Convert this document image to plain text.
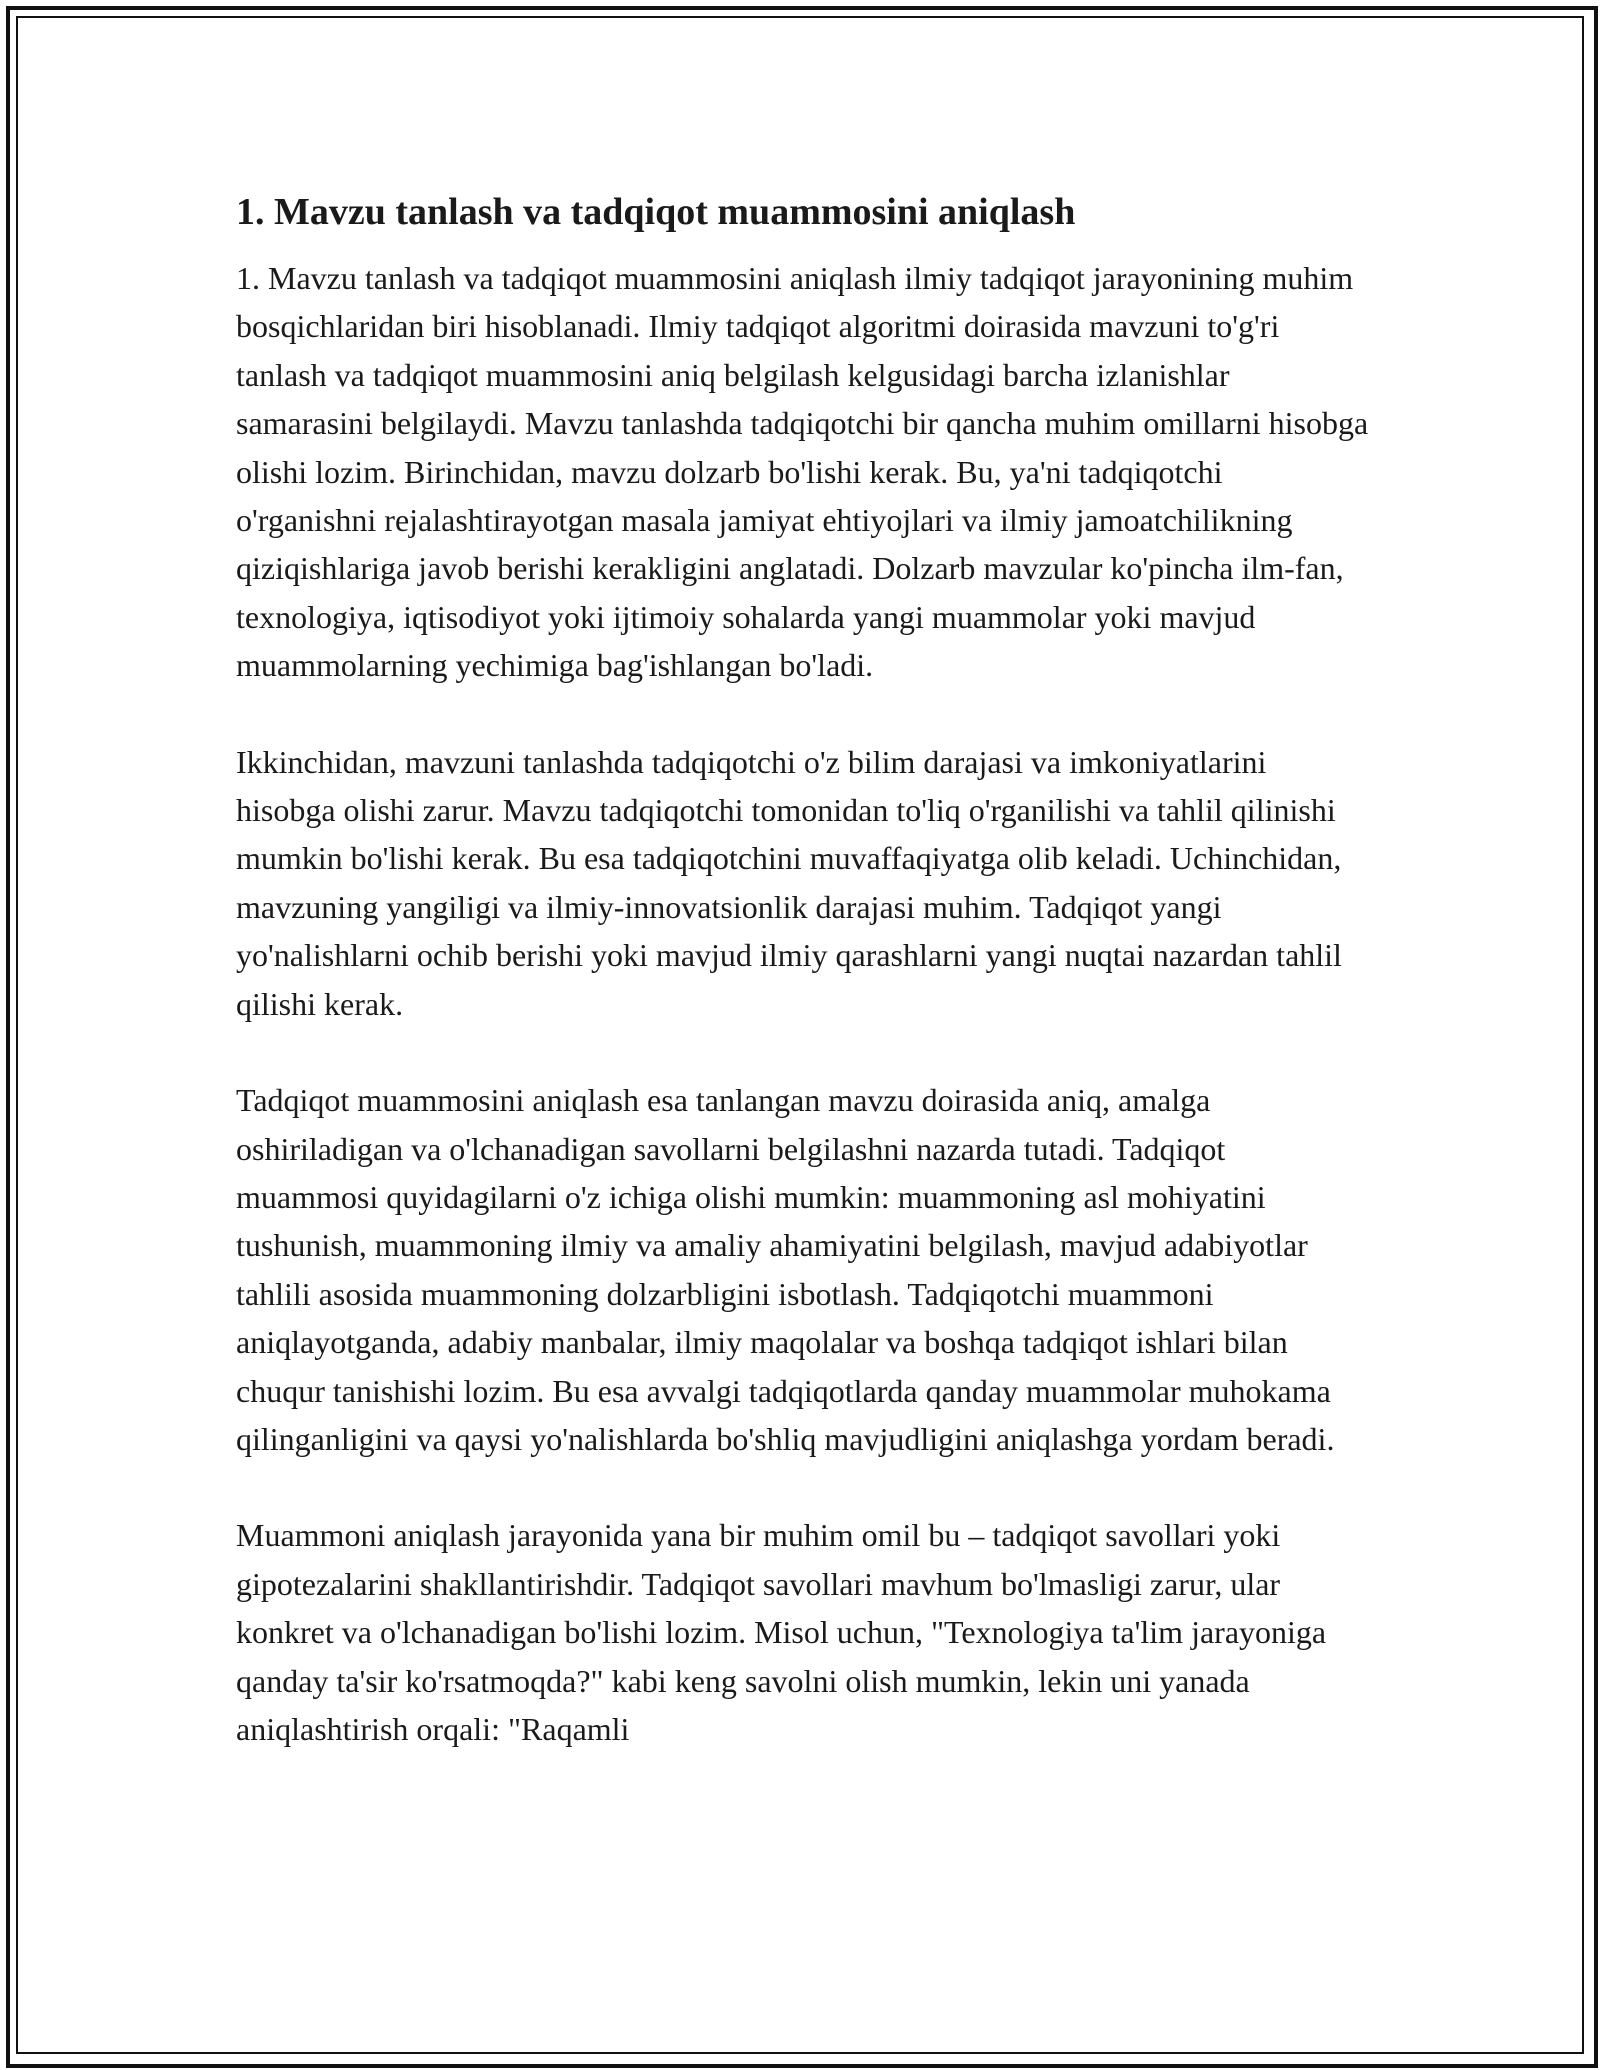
1. Mavzu tanlash va tadqiqot muammosini aniqlash

1. Mavzu tanlash va tadqiqot muammosini aniqlash ilmiy tadqiqot jarayonining muhim bosqichlaridan biri hisoblanadi. Ilmiy tadqiqot algoritmi doirasida mavzuni to'g'ri tanlash va tadqiqot muammosini aniq belgilash kelgusidagi barcha izlanishlar samarasini belgilaydi. Mavzu tanlashda tadqiqotchi bir qancha muhim omillarni hisobga olishi lozim. Birinchidan, mavzu dolzarb bo'lishi kerak. Bu, ya'ni tadqiqotchi o'rganishni rejalashtirayotgan masala jamiyat ehtiyojlari va ilmiy jamoatchilikning qiziqishlariga javob berishi kerakligini anglatadi. Dolzarb mavzular ko'pincha ilm-fan, texnologiya, iqtisodiyot yoki ijtimoiy sohalarda yangi muammolar yoki mavjud muammolarning yechimiga bag'ishlangan bo'ladi.

Ikkinchidan, mavzuni tanlashda tadqiqotchi o'z bilim darajasi va imkoniyatlarini hisobga olishi zarur. Mavzu tadqiqotchi tomonidan to'liq o'rganilishi va tahlil qilinishi mumkin bo'lishi kerak. Bu esa tadqiqotchini muvaffaqiyatga olib keladi. Uchinchidan, mavzuning yangiligi va ilmiy-innovatsionlik darajasi muhim. Tadqiqot yangi yo'nalishlarni ochib berishi yoki mavjud ilmiy qarashlarni yangi nuqtai nazardan tahlil qilishi kerak.

Tadqiqot muammosini aniqlash esa tanlangan mavzu doirasida aniq, amalga oshiriladigan va o'lchanadigan savollarni belgilashni nazarda tutadi. Tadqiqot muammosi quyidagilarni o'z ichiga olishi mumkin: muammoning asl mohiyatini tushunish, muammoning ilmiy va amaliy ahamiyatini belgilash, mavjud adabiyotlar tahlili asosida muammoning dolzarbligini isbotlash. Tadqiqotchi muammoni aniqlayotganda, adabiy manbalar, ilmiy maqolalar va boshqa tadqiqot ishlari bilan chuqur tanishishi lozim. Bu esa avvalgi tadqiqotlarda qanday muammolar muhokama qilinganligini va qaysi yo'nalishlarda bo'shliq mavjudligini aniqlashga yordam beradi.

Muammoni aniqlash jarayonida yana bir muhim omil bu – tadqiqot savollari yoki gipotezalarini shakllantirishdir. Tadqiqot savollari mavhum bo'lmasligi zarur, ular konkret va o'lchanadigan bo'lishi lozim. Misol uchun, "Texnologiya ta'lim jarayoniga qanday ta'sir ko'rsatmoqda?" kabi keng savolni olish mumkin, lekin uni yanada aniqlashtirish orqali: "Raqamli
